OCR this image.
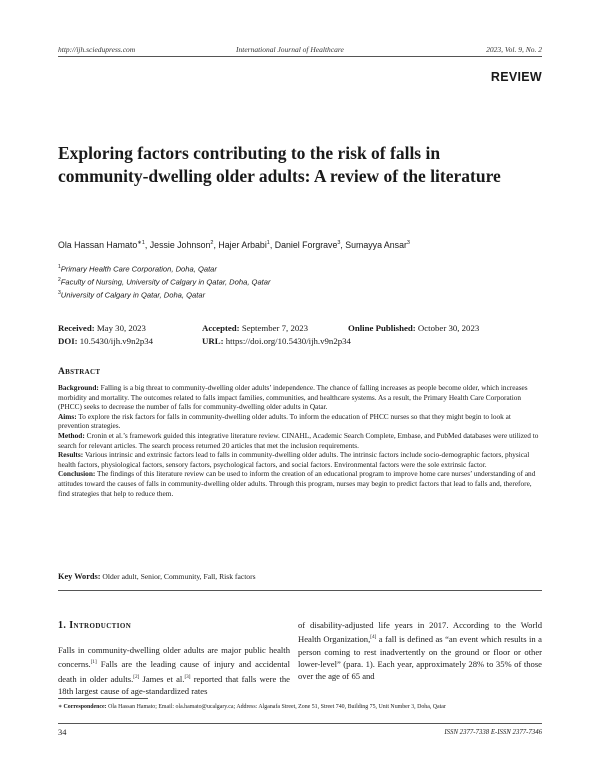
http://ijh.sciedupress.com	International Journal of Healthcare	2023, Vol. 9, No. 2
REVIEW
Exploring factors contributing to the risk of falls in community-dwelling older adults: A review of the literature
Ola Hassan Hamato$^{∗1}$, Jessie Johnson$^2$, Hajer Arbabi$^1$, Daniel Forgrave$^3$, Sumayya Ansar$^3$
$^1$Primary Health Care Corporation, Doha, Qatar
$^2$Faculty of Nursing, University of Calgary in Qatar, Doha, Qatar
$^3$University of Calgary in Qatar, Doha, Qatar
Received: May 30, 2023	Accepted: September 7, 2023	Online Published: October 30, 2023
DOI: 10.5430/ijh.v9n2p34	URL: https://doi.org/10.5430/ijh.v9n2p34
Abstract

Background: Falling is a big threat to community-dwelling older adults’ independence. The chance of falling increases as people become older, which increases morbidity and mortality. The outcomes related to falls impact families, communities, and healthcare systems. As a result, the Primary Health Care Corporation (PHCC) seeks to decrease the number of falls for community-dwelling older adults in Qatar.

Aims: To explore the risk factors for falls in community-dwelling older adults. To inform the education of PHCC nurses so that they might begin to look at prevention strategies.

Method: Cronin et al.’s framework guided this integrative literature review. CINAHL, Academic Search Complete, Embase, and PubMed databases were utilized to search for relevant articles. The search process returned 20 articles that met the inclusion requirements.

Results: Various intrinsic and extrinsic factors lead to falls in community-dwelling older adults. The intrinsic factors include socio-demographic factors, physical health factors, physiological factors, sensory factors, psychological factors, and social factors. Environmental factors were the sole extrinsic factor.

Conclusion: The findings of this literature review can be used to inform the creation of an educational program to improve home care nurses’ understanding of and attitudes toward the causes of falls in community-dwelling older adults. Through this program, nurses may begin to predict factors that lead to falls and, therefore, find strategies that help to reduce them.

Key Words: Older adult, Senior, Community, Fall, Risk factors
1. Introduction
Falls in community-dwelling older adults are major public health concerns.[1] Falls are the leading cause of injury and accidental death in older adults.[2] James et al.[3] reported that falls were the 18th largest cause of age-standardized rates
of disability-adjusted life years in 2017. According to the World Health Organization,[4] a fall is defined as “an event which results in a person coming to rest inadvertently on the ground or floor or other lower-level” (para. 1). Each year, approximately 28% to 35% of those over the age of 65 and
∗ Correspondence: Ola Hassan Hamato; Email: ola.hamato@ucalgary.ca; Address: Alganafa Street, Zone 51, Street 740, Building 75, Unit Number 3, Doha, Qatar
34	ISSN 2377-7338 E-ISSN 2377-7346
